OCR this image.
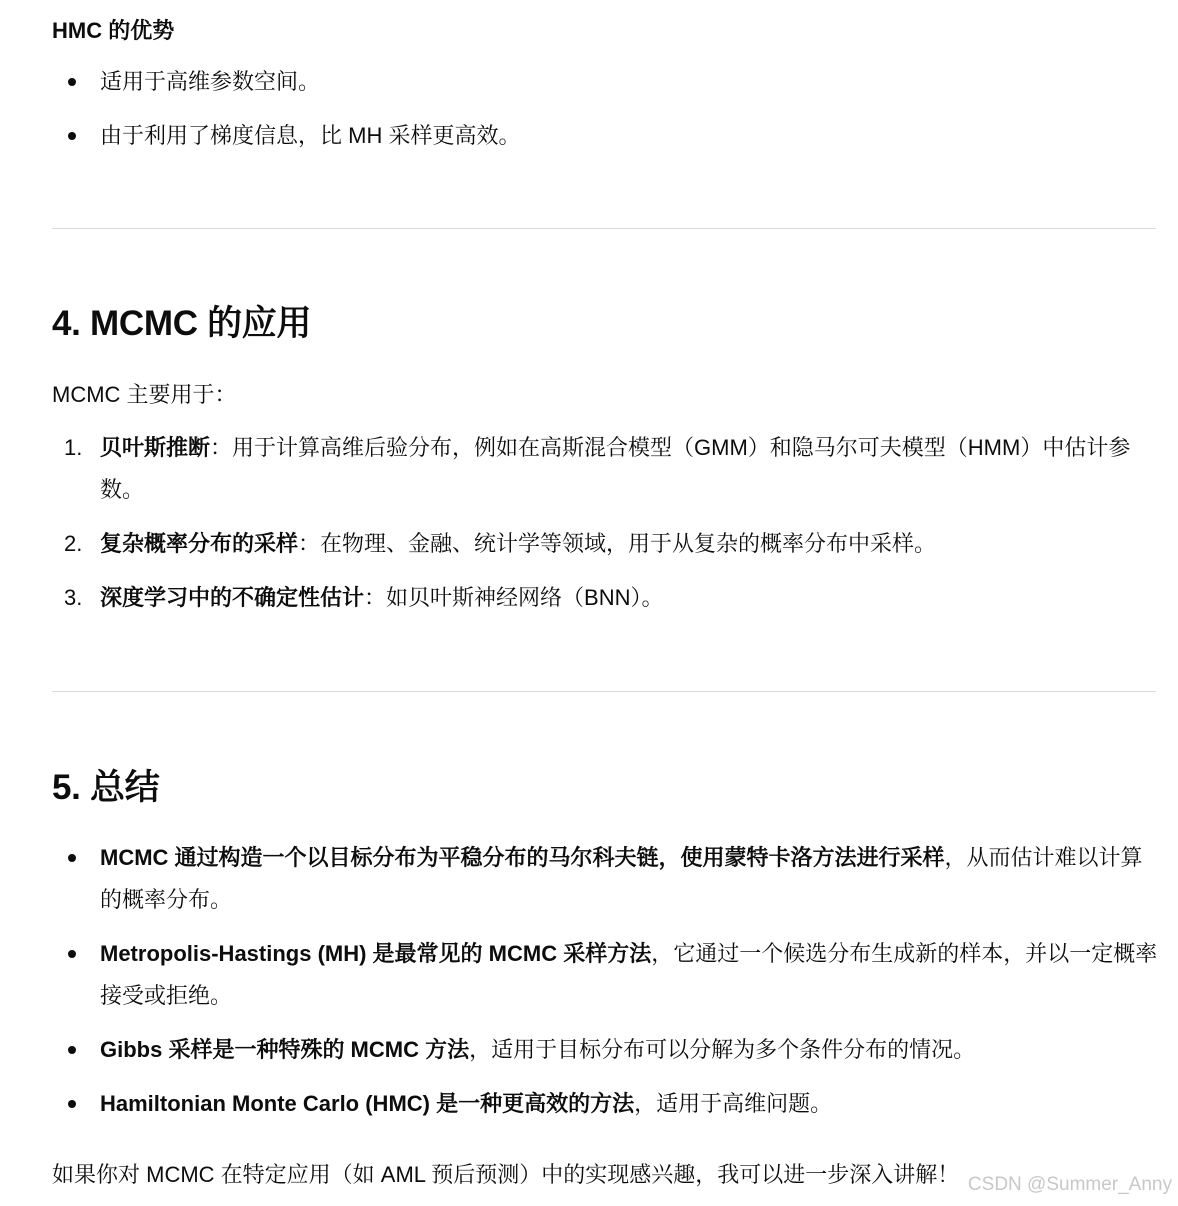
HMC 的优势
适用于高维参数空间。
由于利用了梯度信息，比 MH 采样更高效。
4. MCMC 的应用
MCMC 主要用于：
1. 贝叶斯推断：用于计算高维后验分布，例如在高斯混合模型（GMM）和隐马尔可夫模型（HMM）中估计参数。
2. 复杂概率分布的采样：在物理、金融、统计学等领域，用于从复杂的概率分布中采样。
3. 深度学习中的不确定性估计：如贝叶斯神经网络（BNN）。
5. 总结
MCMC 通过构造一个以目标分布为平稳分布的马尔科夫链，使用蒙特卡洛方法进行采样，从而估计难以计算的概率分布。
Metropolis-Hastings (MH) 是最常见的 MCMC 采样方法，它通过一个候选分布生成新的样本，并以一定概率接受或拒绝。
Gibbs 采样是一种特殊的 MCMC 方法，适用于目标分布可以分解为多个条件分布的情况。
Hamiltonian Monte Carlo (HMC) 是一种更高效的方法，适用于高维问题。
如果你对 MCMC 在特定应用（如 AML 预后预测）中的实现感兴趣，我可以进一步深入讲解！ CSDN @Summer_Anny
